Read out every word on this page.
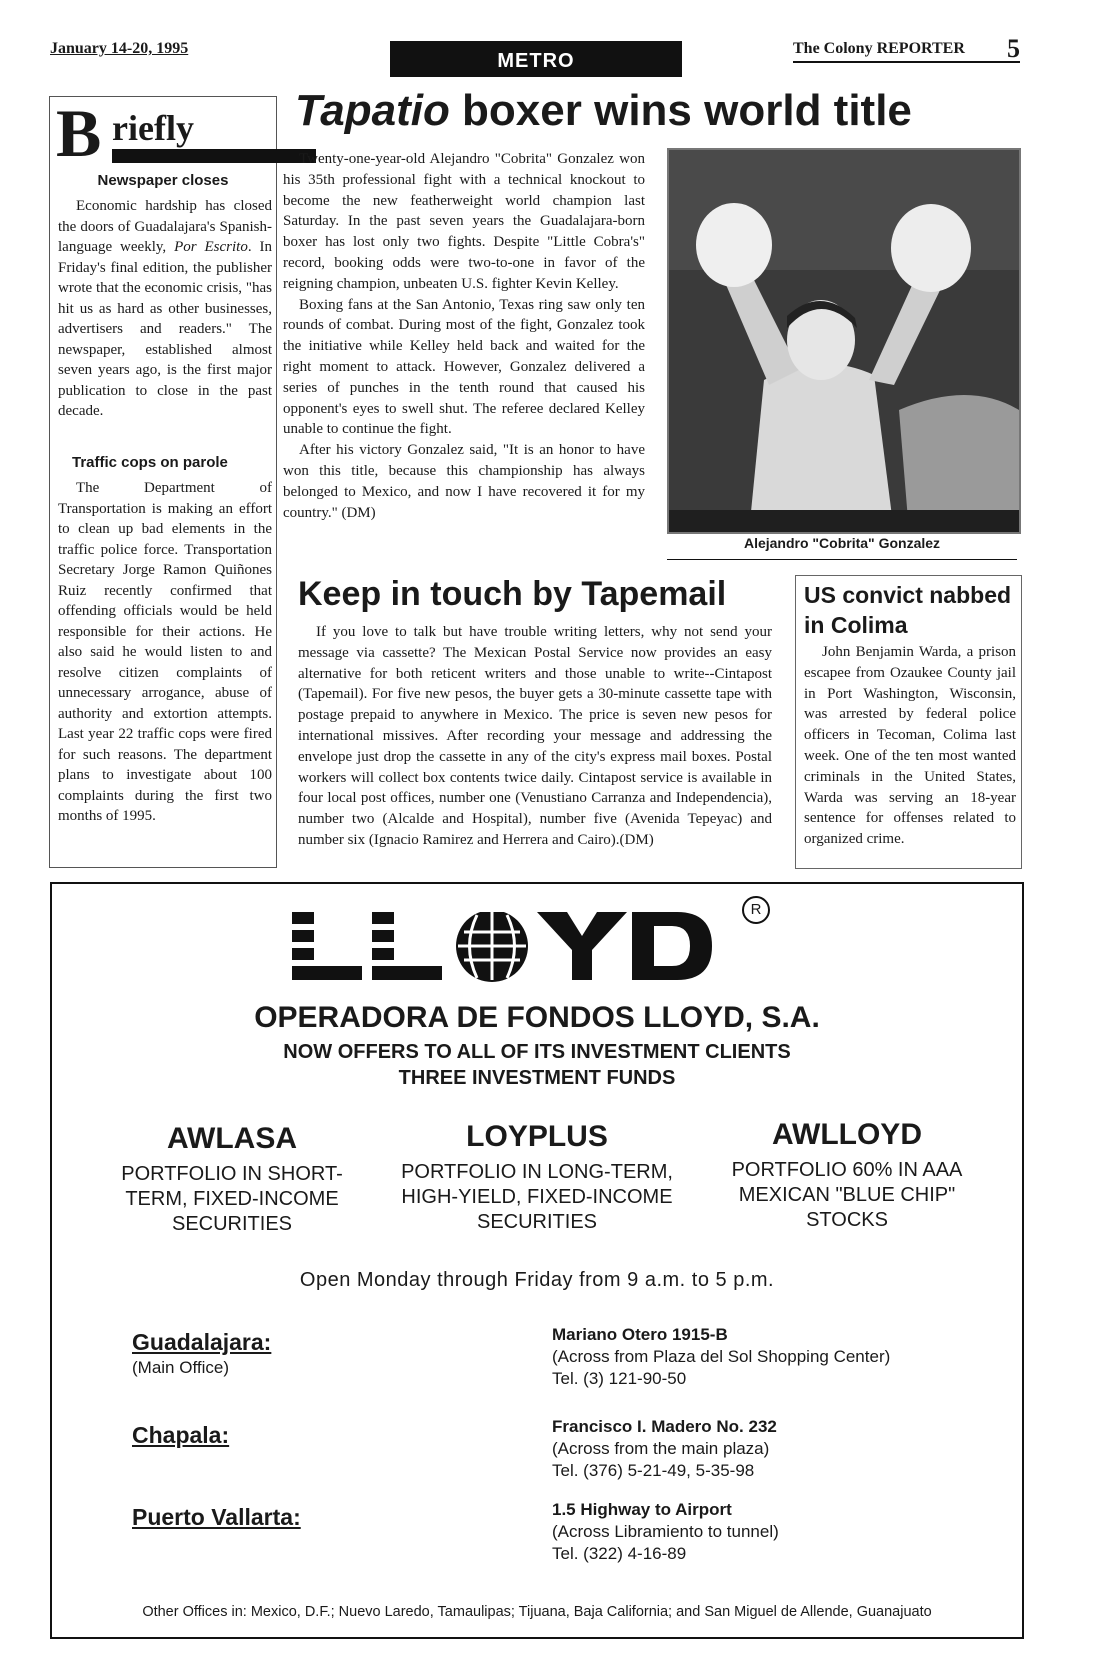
January 14-20, 1995
METRO
The Colony REPORTER 5
B riefly
Newspaper closes

Economic hardship has closed the doors of Guadalajara's Spanish-language weekly, Por Escrito. In Friday's final edition, the publisher wrote that the economic crisis, "has hit us as hard as other businesses, advertisers and readers." The newspaper, established almost seven years ago, is the first major publication to close in the past decade.

Traffic cops on parole

The Department of Transportation is making an effort to clean up bad elements in the traffic police force. Transportation Secretary Jorge Ramon Quiñones Ruiz recently confirmed that offending officials would be held responsible for their actions. He also said he would listen to and resolve citizen complaints of unnecessary arrogance, abuse of authority and extortion attempts. Last year 22 traffic cops were fired for such reasons. The department plans to investigate about 100 complaints during the first two months of 1995.

Tapatio boxer wins world title

Twenty-one-year-old Alejandro "Cobrita" Gonzalez won his 35th professional fight with a technical knockout to become the new featherweight world champion last Saturday. In the past seven years the Guadalajara-born boxer has lost only two fights. Despite "Little Cobra's" record, booking odds were two-to-one in favor of the reigning champion, unbeaten U.S. fighter Kevin Kelley.

Boxing fans at the San Antonio, Texas ring saw only ten rounds of combat. During most of the fight, Gonzalez took the initiative while Kelley held back and waited for the right moment to attack. However, Gonzalez delivered a series of punches in the tenth round that caused his opponent's eyes to swell shut. The referee declared Kelley unable to continue the fight.

After his victory Gonzalez said, "It is an honor to have won this title, because this championship has always belonged to Mexico, and now I have recovered it for my country." (DM)

Alejandro "Cobrita" Gonzalez
Keep in touch by Tapemail

If you love to talk but have trouble writing letters, why not send your message via cassette? The Mexican Postal Service now provides an easy alternative for both reticent writers and those unable to write--Cintapost (Tapemail). For five new pesos, the buyer gets a 30-minute cassette tape with postage prepaid to anywhere in Mexico. The price is seven new pesos for international missives. After recording your message and addressing the envelope just drop the cassette in any of the city's express mail boxes. Postal workers will collect box contents twice daily. Cintapost service is available in four local post offices, number one (Venustiano Carranza and Independencia), number two (Alcalde and Hospital), number five (Avenida Tepeyac) and number six (Ignacio Ramirez and Herrera and Cairo).(DM)

US convict nabbed in Colima

John Benjamin Warda, a prison escapee from Ozaukee County jail in Port Washington, Wisconsin, was arrested by federal police officers in Tecoman, Colima last week. One of the ten most wanted criminals in the United States, Warda was serving an 18-year sentence for offenses related to organized crime.

R
OPERADORA DE FONDOS LLOYD, S.A.
NOW OFFERS TO ALL OF ITS INVESTMENT CLIENTS
THREE INVESTMENT FUNDS
AWLASA
PORTFOLIO IN SHORT-TERM, FIXED-INCOME SECURITIES
LOYPLUS
PORTFOLIO IN LONG-TERM, HIGH-YIELD, FIXED-INCOME SECURITIES
AWLLOYD
PORTFOLIO 60% IN AAA MEXICAN "BLUE CHIP" STOCKS
Open Monday through Friday from 9 a.m. to 5 p.m.
Guadalajara:
(Main Office)
Mariano Otero 1915-B
(Across from Plaza del Sol Shopping Center)
Tel. (3) 121-90-50
Chapala:	Francisco I. Madero No. 232
(Across from the main plaza)
Tel. (376) 5-21-49, 5-35-98
Puerto Vallarta:	1.5 Highway to Airport
(Across Libramiento to tunnel)
Tel. (322) 4-16-89
Other Offices in: Mexico, D.F.; Nuevo Laredo, Tamaulipas; Tijuana, Baja California; and San Miguel de Allende, Guanajuato
